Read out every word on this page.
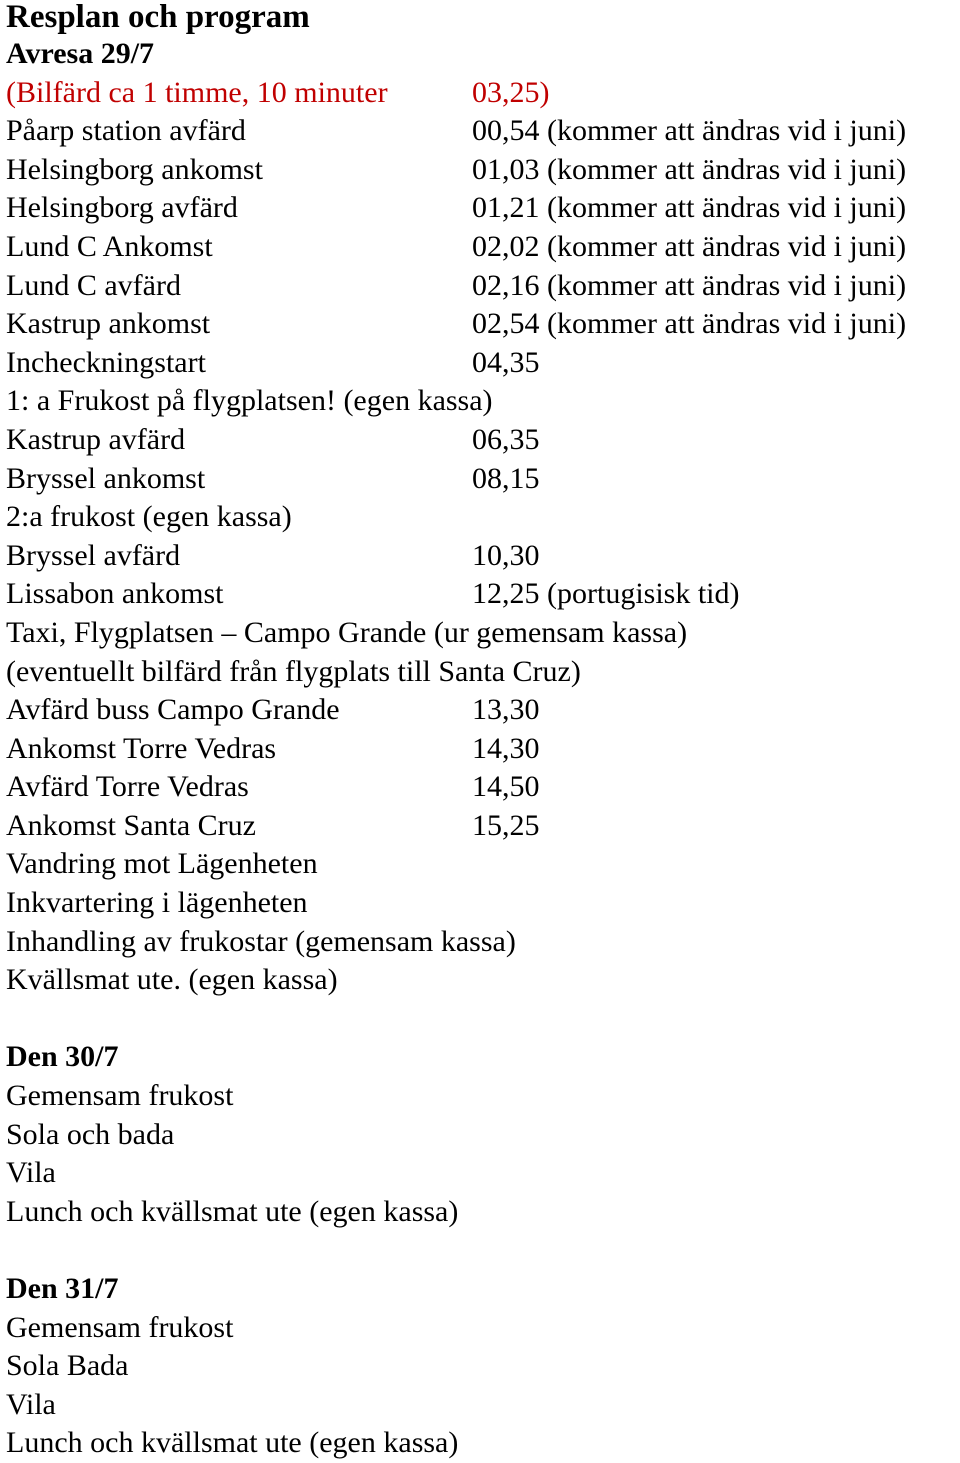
Resplan och program
Avresa 29/7
(Bilfärd ca 1 timme, 10 minuter	03,25)
Påarp station avfärd	00,54 (kommer att ändras vid i juni)
Helsingborg ankomst	01,03 (kommer att ändras vid i juni)
Helsingborg avfärd	01,21 (kommer att ändras vid i juni)
Lund C Ankomst	02,02 (kommer att ändras vid i juni)
Lund C avfärd	02,16 (kommer att ändras vid i juni)
Kastrup ankomst	02,54 (kommer att ändras vid i juni)
Incheckningstart	04,35
1: a Frukost på flygplatsen! (egen kassa)
Kastrup avfärd	06,35
Bryssel ankomst	08,15
2:a frukost (egen kassa)
Bryssel avfärd	10,30
Lissabon ankomst	12,25 (portugisisk tid)
Taxi, Flygplatsen – Campo Grande (ur gemensam kassa)
(eventuellt bilfärd från flygplats till Santa Cruz)
Avfärd buss Campo Grande	13,30
Ankomst Torre Vedras	14,30
Avfärd Torre Vedras	14,50
Ankomst Santa Cruz	15,25
Vandring mot Lägenheten
Inkvartering i lägenheten
Inhandling av frukostar (gemensam kassa)
Kvällsmat ute. (egen kassa)
Den 30/7
Gemensam frukost
Sola och bada
Vila
Lunch och kvällsmat ute (egen kassa)
Den 31/7
Gemensam frukost
Sola Bada
Vila
Lunch och kvällsmat ute (egen kassa)
